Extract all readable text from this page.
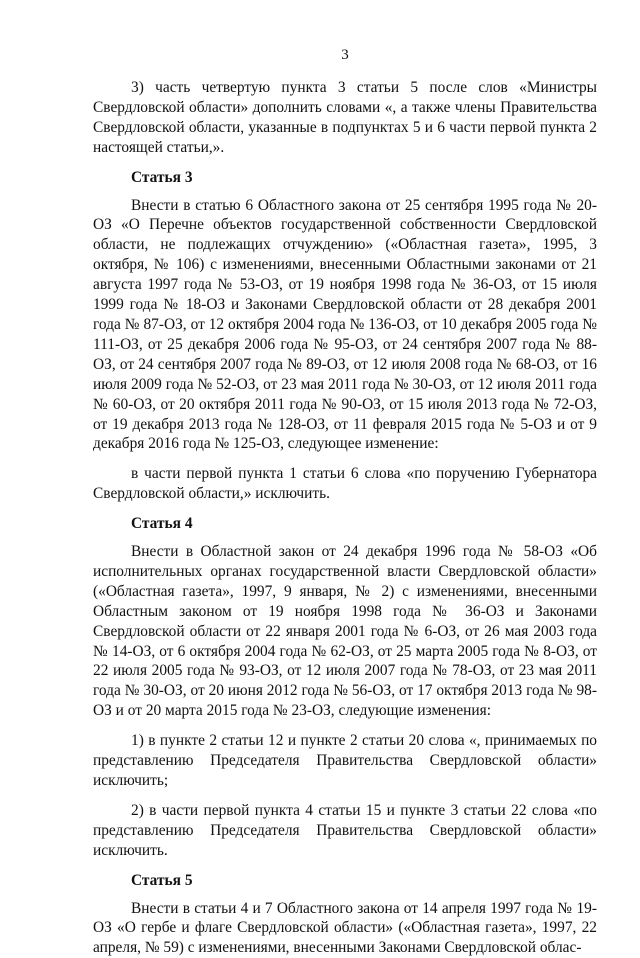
3

3) часть четвертую пункта 3 статьи 5 после слов «Министры Свердловской области» дополнить словами «, а также члены Правительства Свердловской области, указанные в подпунктах 5 и 6 части первой пункта 2 настоящей статьи,».

Статья 3

Внести в статью 6 Областного закона от 25 сентября 1995 года № 20-ОЗ «О Перечне объектов государственной собственности Свердловской области, не подлежащих отчуждению» («Областная газета», 1995, 3 октября, № 106) с изменениями, внесенными Областными законами от 21 августа 1997 года № 53-ОЗ, от 19 ноября 1998 года № 36-ОЗ, от 15 июля 1999 года № 18-ОЗ и Законами Свердловской области от 28 декабря 2001 года № 87-ОЗ, от 12 октября 2004 года № 136-ОЗ, от 10 декабря 2005 года № 111-ОЗ, от 25 декабря 2006 года № 95-ОЗ, от 24 сентября 2007 года № 88-ОЗ, от 24 сентября 2007 года № 89-ОЗ, от 12 июля 2008 года № 68-ОЗ, от 16 июля 2009 года № 52-ОЗ, от 23 мая 2011 года № 30-ОЗ, от 12 июля 2011 года № 60-ОЗ, от 20 октября 2011 года № 90-ОЗ, от 15 июля 2013 года № 72-ОЗ, от 19 декабря 2013 года № 128-ОЗ, от 11 февраля 2015 года № 5-ОЗ и от 9 декабря 2016 года № 125-ОЗ, следующее изменение:

в части первой пункта 1 статьи 6 слова «по поручению Губернатора Свердловской области,» исключить.

Статья 4

Внести в Областной закон от 24 декабря 1996 года № 58-ОЗ «Об исполнительных органах государственной власти Свердловской области» («Областная газета», 1997, 9 января, № 2) с изменениями, внесенными Областным законом от 19 ноября 1998 года № 36-ОЗ и Законами Свердловской области от 22 января 2001 года № 6-ОЗ, от 26 мая 2003 года № 14-ОЗ, от 6 октября 2004 года № 62-ОЗ, от 25 марта 2005 года № 8-ОЗ, от 22 июля 2005 года № 93-ОЗ, от 12 июля 2007 года № 78-ОЗ, от 23 мая 2011 года № 30-ОЗ, от 20 июня 2012 года № 56-ОЗ, от 17 октября 2013 года № 98-ОЗ и от 20 марта 2015 года № 23-ОЗ, следующие изменения:

1) в пункте 2 статьи 12 и пункте 2 статьи 20 слова «, принимаемых по представлению Председателя Правительства Свердловской области» исключить;

2) в части первой пункта 4 статьи 15 и пункте 3 статьи 22 слова «по представлению Председателя Правительства Свердловской области» исключить.

Статья 5

Внести в статьи 4 и 7 Областного закона от 14 апреля 1997 года № 19-ОЗ «О гербе и флаге Свердловской области» («Областная газета», 1997, 22 апреля, № 59) с изменениями, внесенными Законами Свердловской облас-
